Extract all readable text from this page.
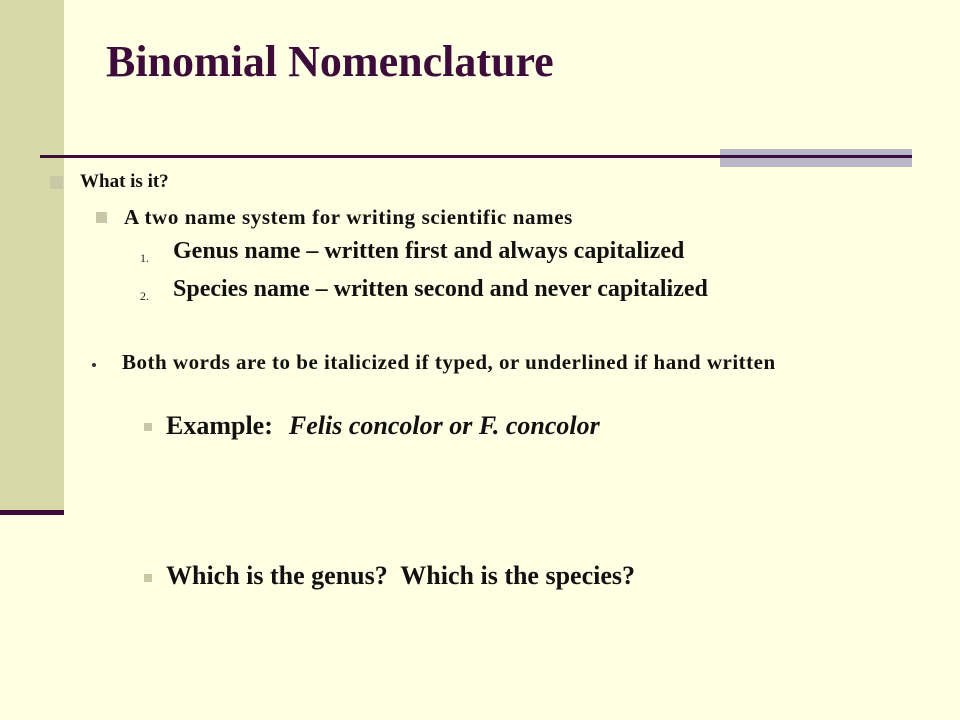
Binomial Nomenclature
What is it?
A two name system for writing scientific names
1. Genus name – written first and always capitalized
2. Species name – written second and never capitalized
Both words are to be italicized if typed, or underlined if hand written
Example: Felis concolor or F. concolor
Which is the genus?  Which is the species?
